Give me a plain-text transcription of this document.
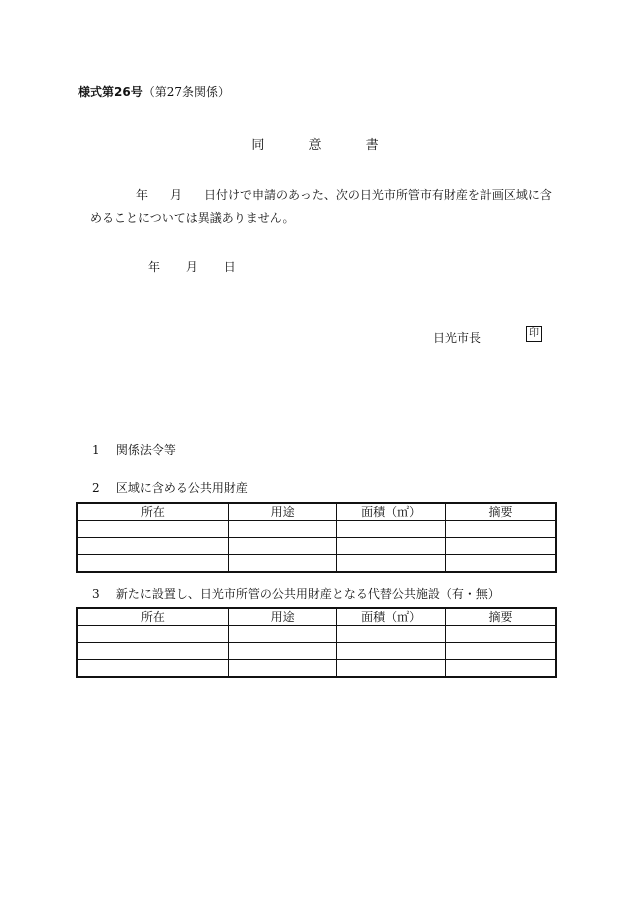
様式第26号（第27条関係）
同	意	書
年 月 日付けで申請のあった、次の日光市所管市有財産を計画区域に含
めることについては異議ありません。
年 月 日
日光市長	印
1 関係法令等
2 区域に含める公共用財産
所在	用途	面積（㎡）	摘要

3 新たに設置し、日光市所管の公共用財産となる代替公共施設（有・無）
所在	用途	面積（㎡）	摘要
